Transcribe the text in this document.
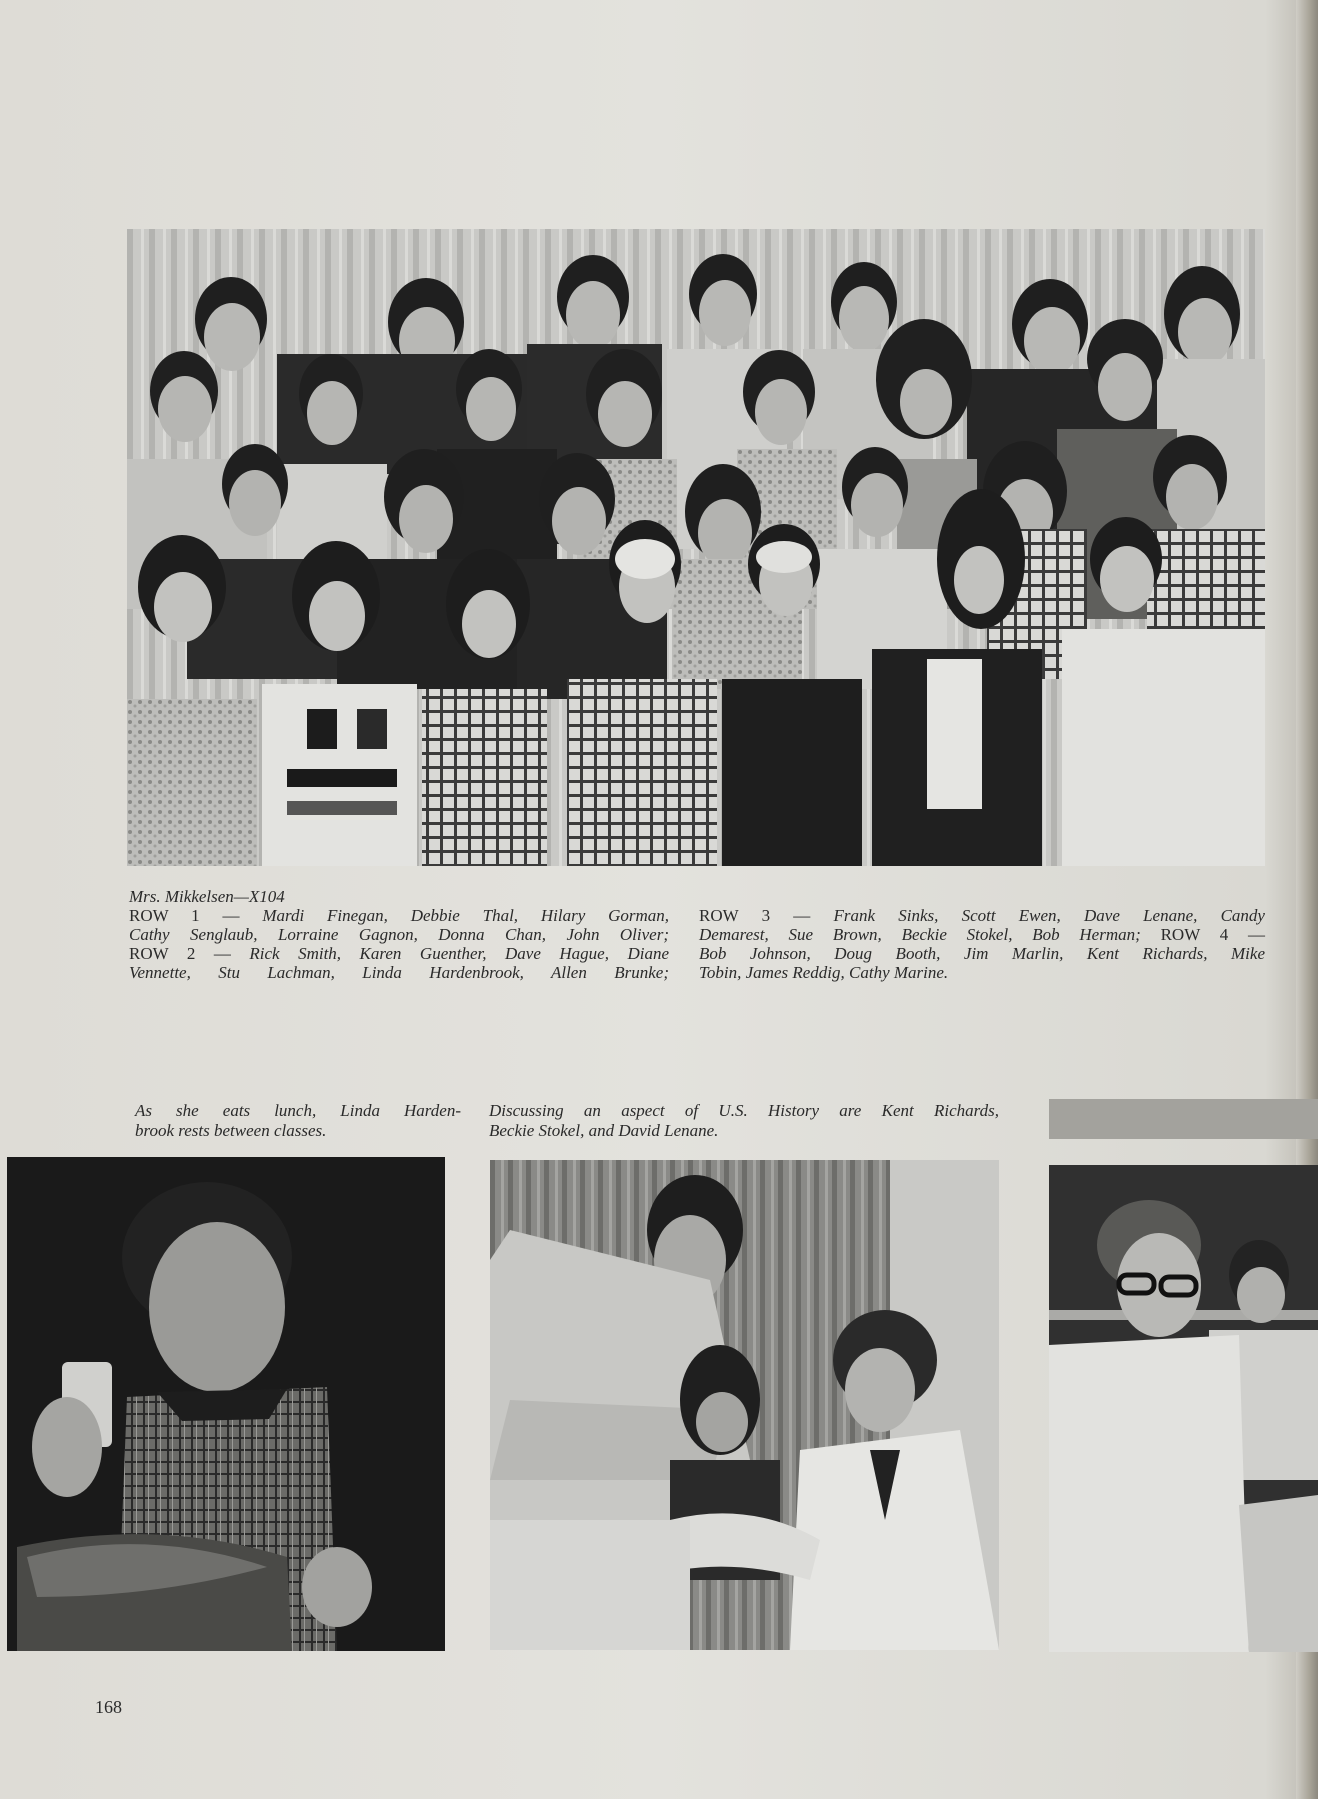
Mrs. Mikkelsen—X104
ROW 1 — Mardi Finegan, Debbie Thal, Hilary Gorman,
Cathy Senglaub, Lorraine Gagnon, Donna Chan, John Oliver;
ROW 2 — Rick Smith, Karen Guenther, Dave Hague, Diane
Vennette, Stu Lachman, Linda Hardenbrook, Allen Brunke;
ROW 3 — Frank Sinks, Scott Ewen, Dave Lenane, Candy
Demarest, Sue Brown, Beckie Stokel, Bob Herman; ROW 4 —
Bob Johnson, Doug Booth, Jim Marlin, Kent Richards, Mike
Tobin, James Reddig, Cathy Marine.
As she eats lunch, Linda Harden-
brook rests between classes.
Discussing an aspect of U.S. History are Kent Richards,
Beckie Stokel, and David Lenane.
168
